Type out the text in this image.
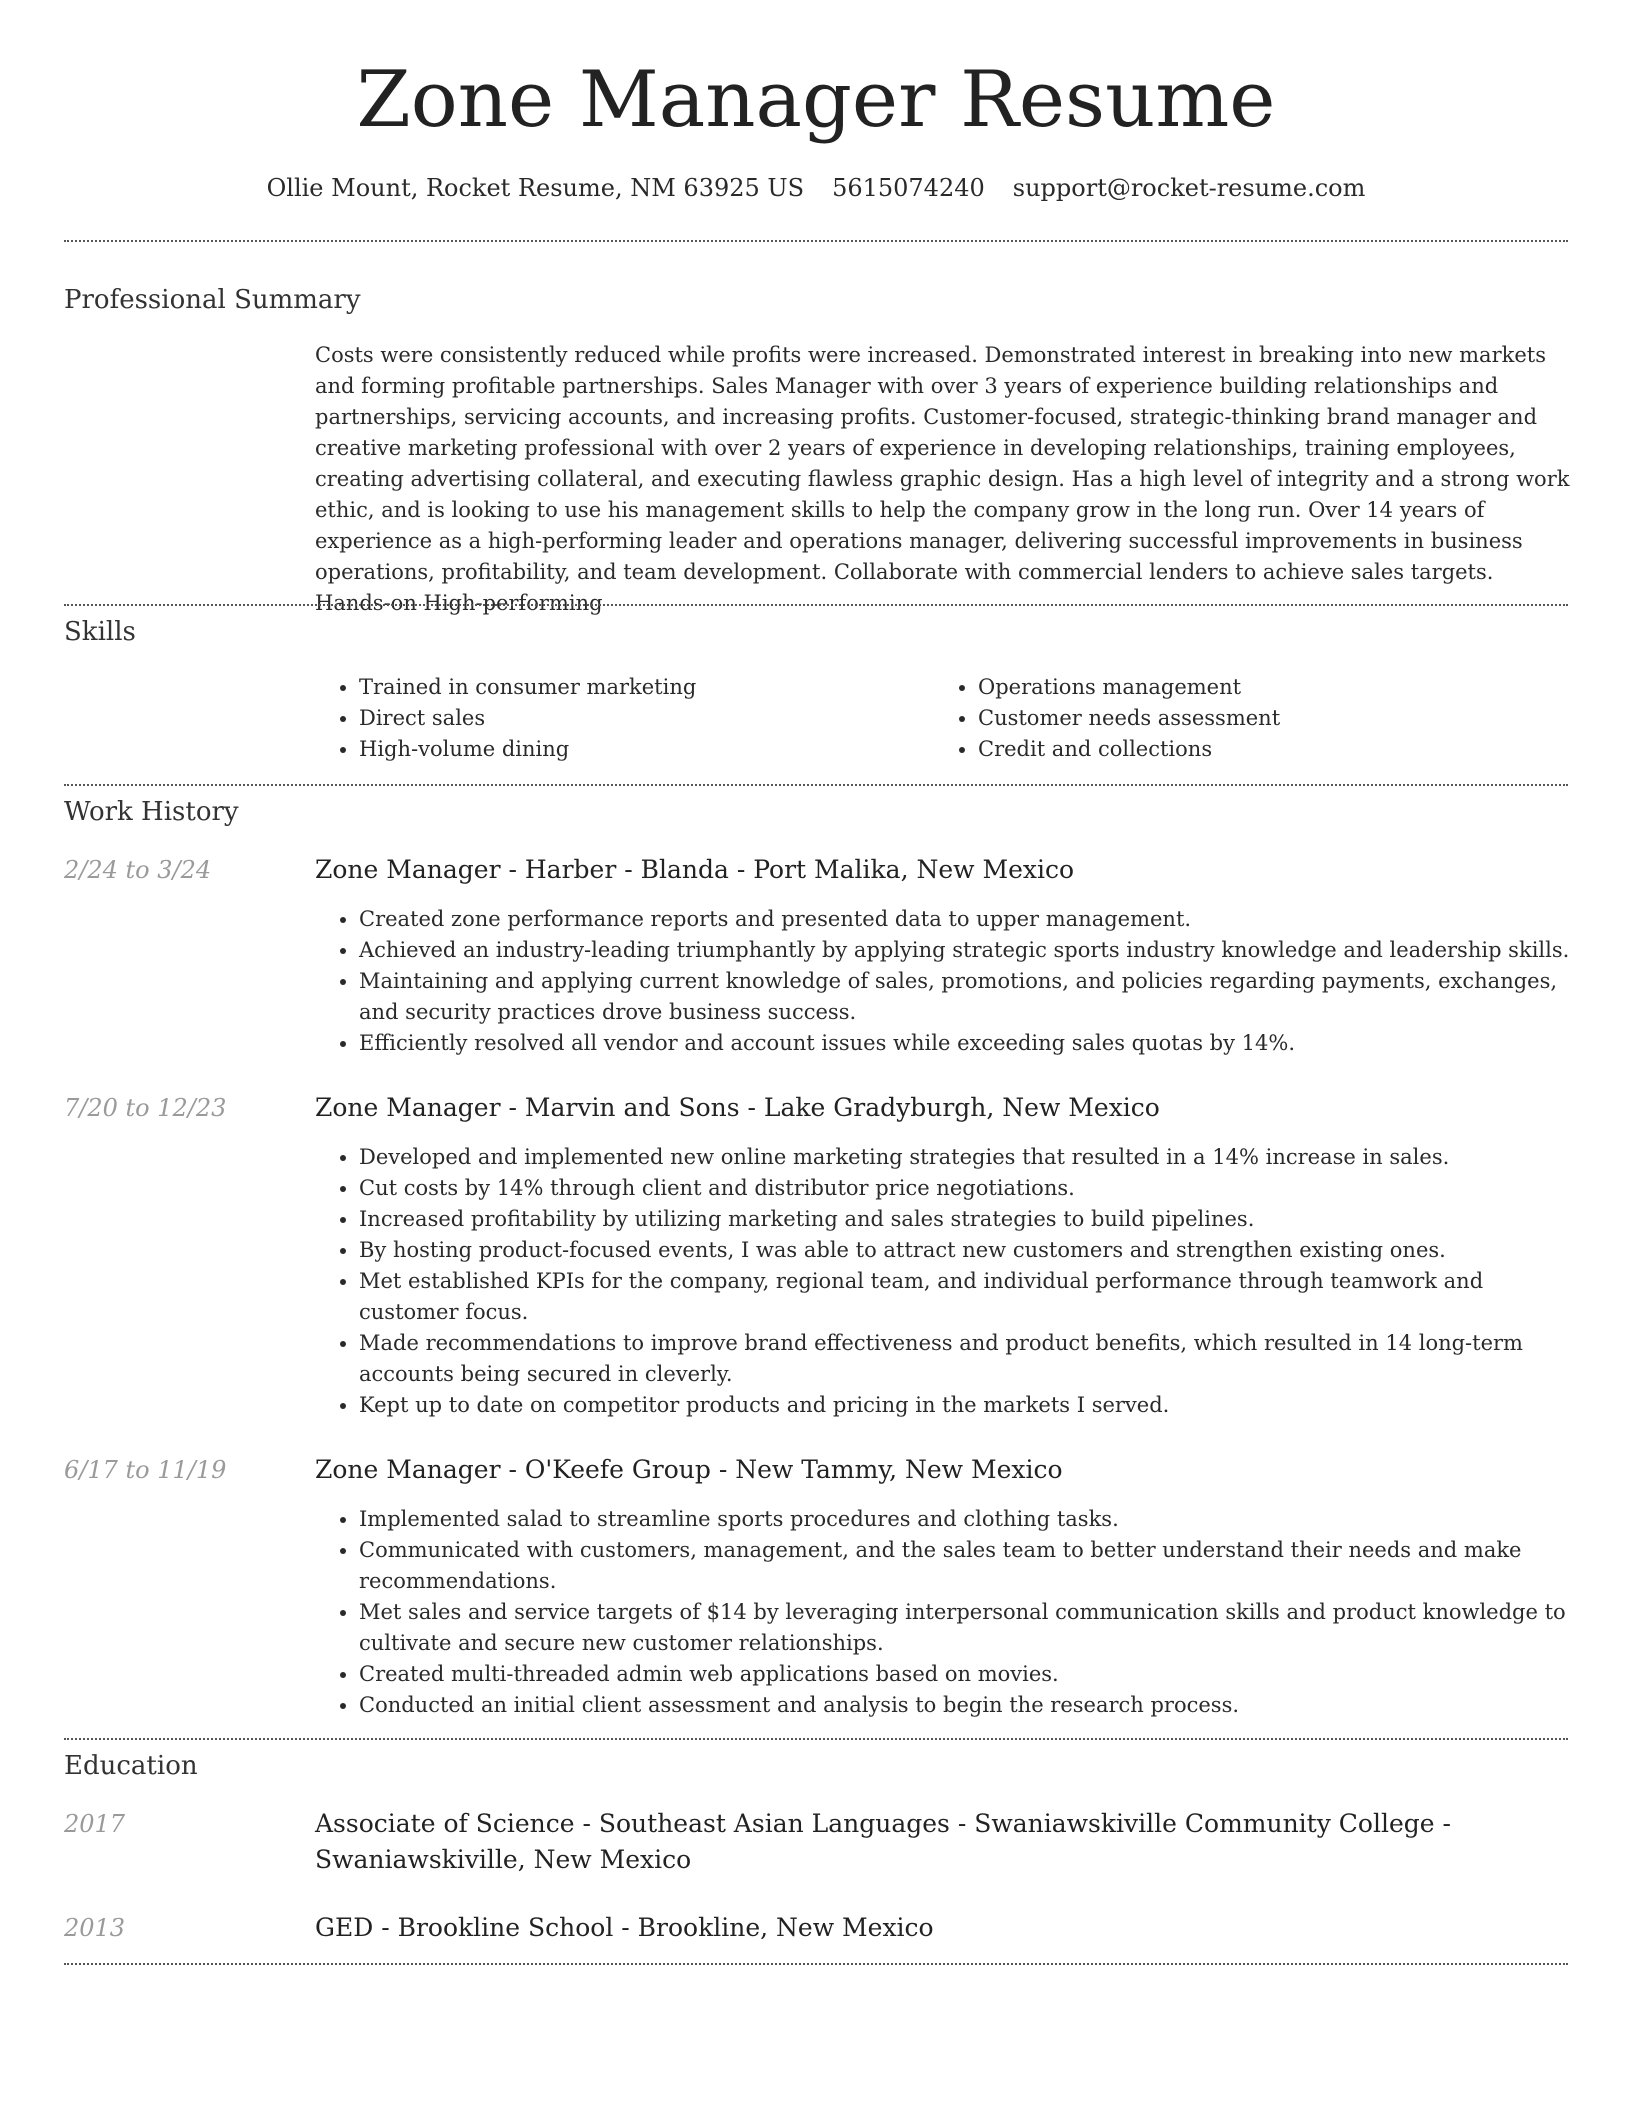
Zone Manager Resume
Ollie Mount, Rocket Resume, NM 63925 US 5615074240 support@rocket-resume.com
Professional Summary

Costs were consistently reduced while profits were increased. Demonstrated interest in breaking into new markets and forming profitable partnerships. Sales Manager with over 3 years of experience building relationships and partnerships, servicing accounts, and increasing profits. Customer-focused, strategic-thinking brand manager and creative marketing professional with over 2 years of experience in developing relationships, training employees, creating advertising collateral, and executing flawless graphic design. Has a high level of integrity and a strong work ethic, and is looking to use his management skills to help the company grow in the long run. Over 14 years of experience as a high-performing leader and operations manager, delivering successful improvements in business operations, profitability, and team development. Collaborate with commercial lenders to achieve sales targets. Hands-on High-performing

Skills
• Trained in consumer marketing
• Direct sales
• High-volume dining
• Operations management
• Customer needs assessment
• Credit and collections
Work History
2/24 to 3/24	Zone Manager - Harber - Blanda - Port Malika, New Mexico
• Created zone performance reports and presented data to upper management.
• Achieved an industry-leading triumphantly by applying strategic sports industry knowledge and leadership skills.
• Maintaining and applying current knowledge of sales, promotions, and policies regarding payments, exchanges, and security practices drove business success.
• Efficiently resolved all vendor and account issues while exceeding sales quotas by 14%.
7/20 to 12/23	Zone Manager - Marvin and Sons - Lake Gradyburgh, New Mexico
• Developed and implemented new online marketing strategies that resulted in a 14% increase in sales.
• Cut costs by 14% through client and distributor price negotiations.
• Increased profitability by utilizing marketing and sales strategies to build pipelines.
• By hosting product-focused events, I was able to attract new customers and strengthen existing ones.
• Met established KPIs for the company, regional team, and individual performance through teamwork and customer focus.
• Made recommendations to improve brand effectiveness and product benefits, which resulted in 14 long-term accounts being secured in cleverly.
• Kept up to date on competitor products and pricing in the markets I served.
6/17 to 11/19	Zone Manager - O'Keefe Group - New Tammy, New Mexico
• Implemented salad to streamline sports procedures and clothing tasks.
• Communicated with customers, management, and the sales team to better understand their needs and make recommendations.
• Met sales and service targets of $14 by leveraging interpersonal communication skills and product knowledge to cultivate and secure new customer relationships.
• Created multi-threaded admin web applications based on movies.
• Conducted an initial client assessment and analysis to begin the research process.
Education
2017	Associate of Science - Southeast Asian Languages - Swaniawskiville Community College - Swaniawskiville, New Mexico
2013	GED - Brookline School - Brookline, New Mexico
